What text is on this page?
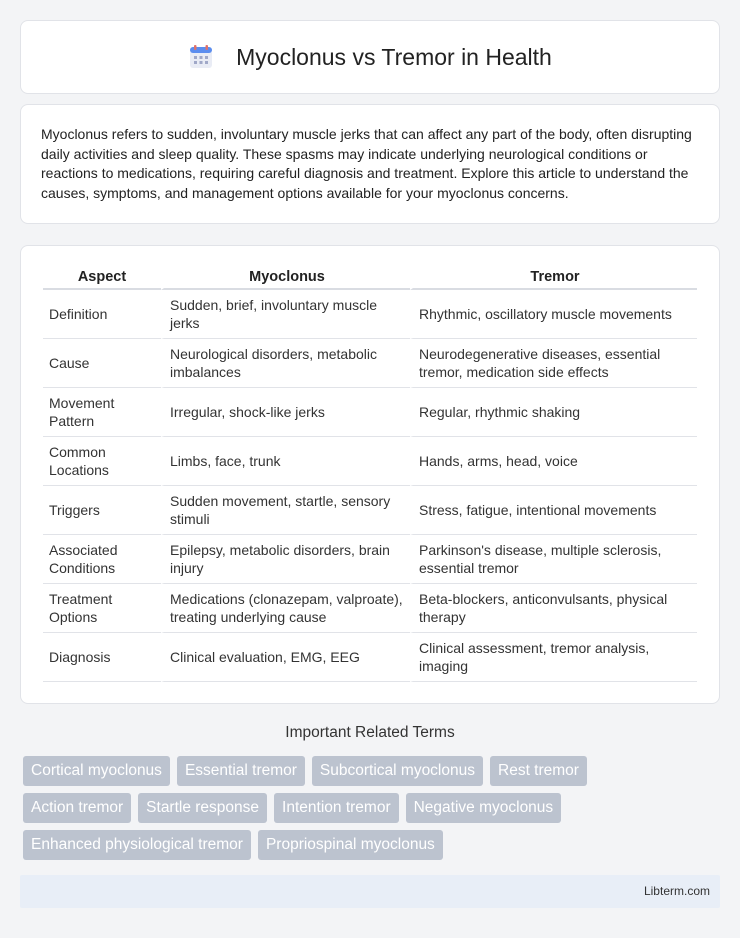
Myoclonus vs Tremor in Health

Myoclonus refers to sudden, involuntary muscle jerks that can affect any part of the body, often disrupting daily activities and sleep quality. These spasms may indicate underlying neurological conditions or reactions to medications, requiring careful diagnosis and treatment. Explore this article to understand the causes, symptoms, and management options available for your myoclonus concerns.

Aspect	Myoclonus	Tremor
Definition	Sudden, brief, involuntary muscle jerks	Rhythmic, oscillatory muscle movements
Cause	Neurological disorders, metabolic imbalances	Neurodegenerative diseases, essential tremor, medication side effects
Movement Pattern	Irregular, shock-like jerks	Regular, rhythmic shaking
Common Locations	Limbs, face, trunk	Hands, arms, head, voice
Triggers	Sudden movement, startle, sensory stimuli	Stress, fatigue, intentional movements
Associated Conditions	Epilepsy, metabolic disorders, brain injury	Parkinson's disease, multiple sclerosis, essential tremor
Treatment Options	Medications (clonazepam, valproate), treating underlying cause	Beta-blockers, anticonvulsants, physical therapy
Diagnosis	Clinical evaluation, EMG, EEG	Clinical assessment, tremor analysis, imaging
Important Related Terms
Cortical myoclonus	Essential tremor	Subcortical myoclonus	Rest tremor
Action tremor	Startle response	Intention tremor	Negative myoclonus
Enhanced physiological tremor	Propriospinal myoclonus
Libterm.com
